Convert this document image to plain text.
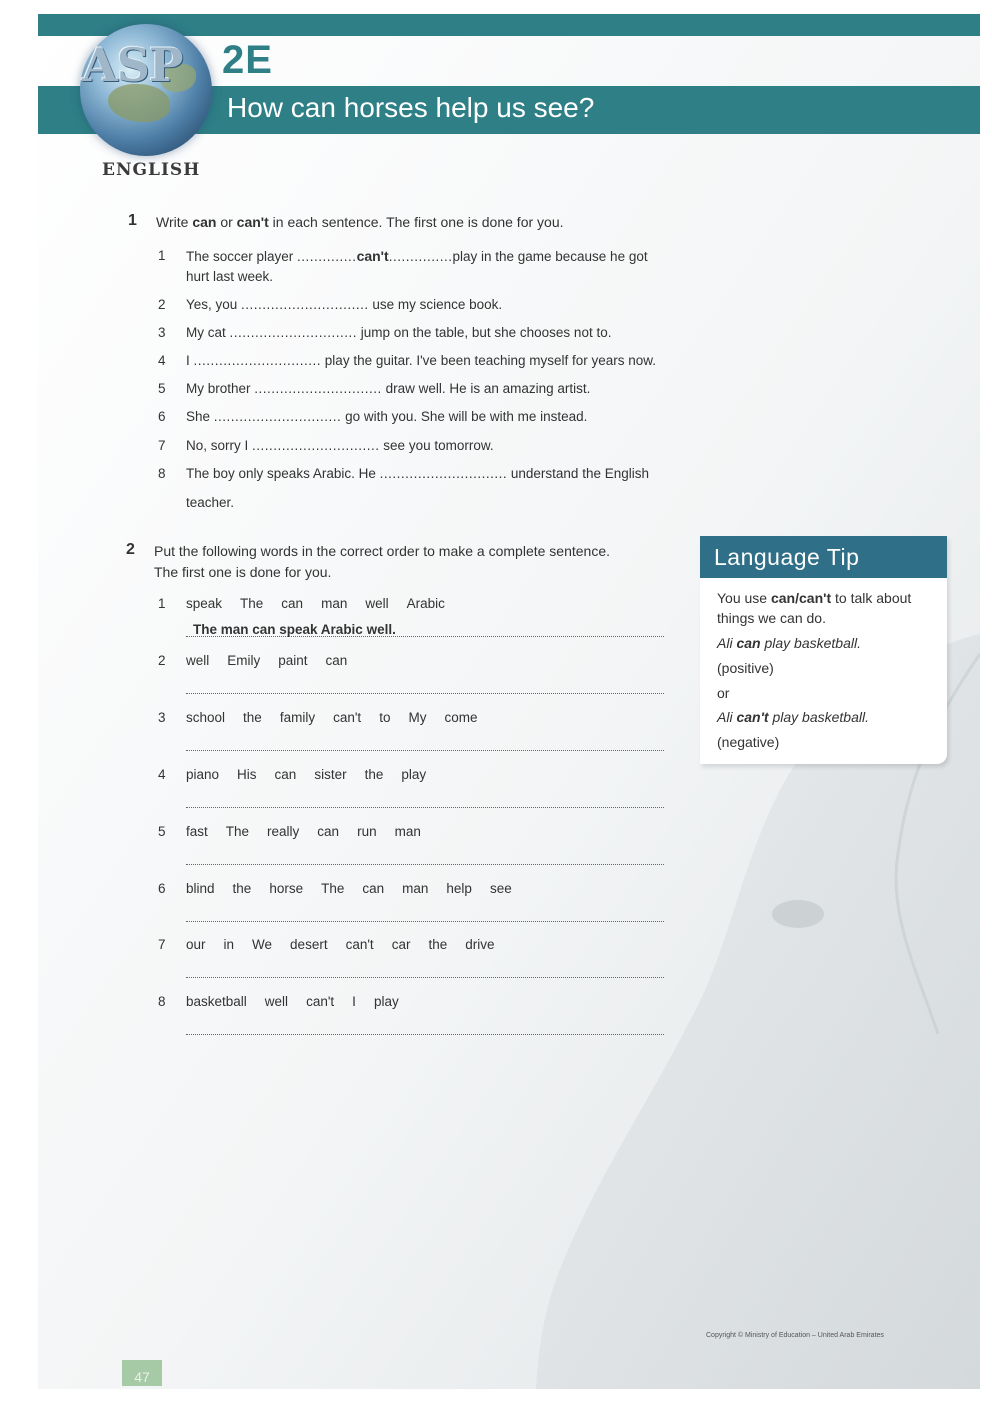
ASP 2E
How can horses help us see?
ENGLISH
1 Write can or can't in each sentence. The first one is done for you.
1	The soccer player ..............can't...............play in the game because he got
hurt last week.
2	Yes, you .............................. use my science book.
3	My cat .............................. jump on the table, but she chooses not to.
4	I .............................. play the guitar. I've been teaching myself for years now.
5	My brother .............................. draw well. He is an amazing artist.
6	She .............................. go with you. She will be with me instead.
7	No, sorry I .............................. see you tomorrow.
8	The boy only speaks Arabic. He .............................. understand the English
teacher.
2 Put the following words in the correct order to make a complete sentence.
The first one is done for you.
1 speak The can man well Arabic
The man can speak Arabic well.
2 well Emily paint can
3 school the family can't to My come
4 piano His can sister the play
5 fast The really can run man
6 blind the horse The can man help see
7 our in We desert can't car the drive
8 basketball well can't I play
Language Tip
You use can/can't to talk about
things we can do.
Ali can play basketball.
(positive)
or
Ali can't play basketball.
(negative)
Copyright © Ministry of Education – United Arab Emirates
47
